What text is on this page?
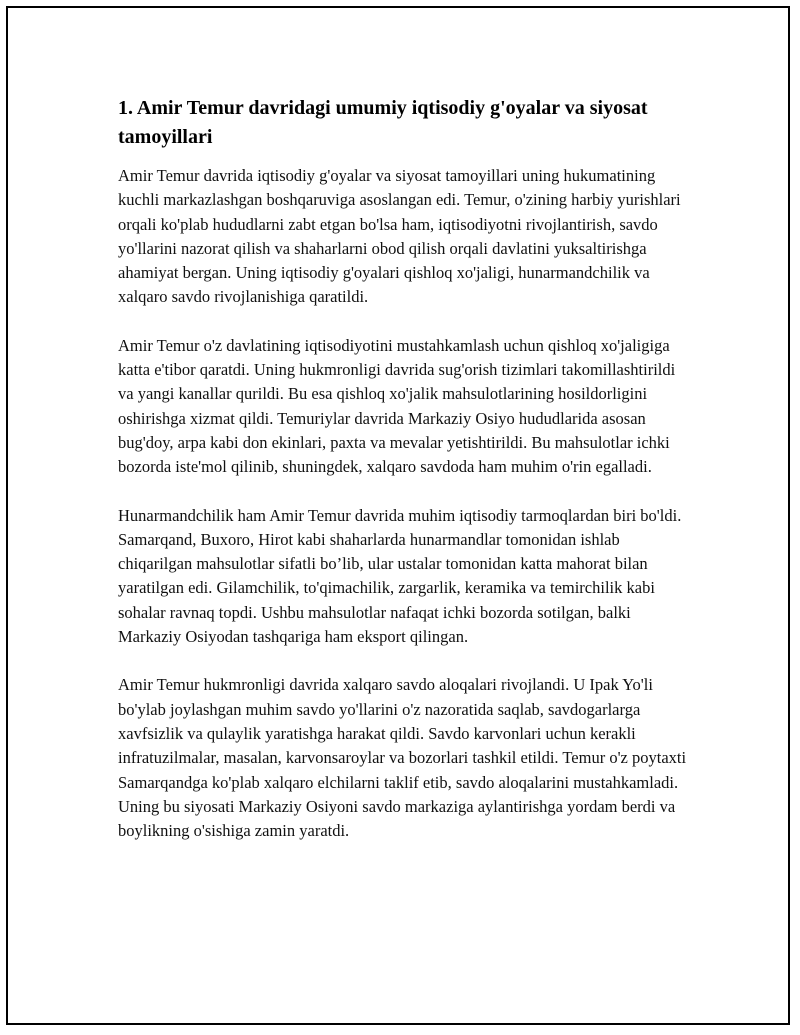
1. Amir Temur davridagi umumiy iqtisodiy g'oyalar va siyosat tamoyillari

Amir Temur davrida iqtisodiy g'oyalar va siyosat tamoyillari uning hukumatining kuchli markazlashgan boshqaruviga asoslangan edi. Temur, o'zining harbiy yurishlari orqali ko'plab hududlarni zabt etgan bo'lsa ham, iqtisodiyotni rivojlantirish, savdo yo'llarini nazorat qilish va shaharlarni obod qilish orqali davlatini yuksaltirishga ahamiyat bergan. Uning iqtisodiy g'oyalari qishloq xo'jaligi, hunarmandchilik va xalqaro savdo rivojlanishiga qaratildi.

Amir Temur o'z davlatining iqtisodiyotini mustahkamlash uchun qishloq xo'jaligiga katta e'tibor qaratdi. Uning hukmronligi davrida sug'orish tizimlari takomillashtirildi va yangi kanallar qurildi. Bu esa qishloq xo'jalik mahsulotlarining hosildorligini oshirishga xizmat qildi. Temuriylar davrida Markaziy Osiyo hududlarida asosan bug'doy, arpa kabi don ekinlari, paxta va mevalar yetishtirildi. Bu mahsulotlar ichki bozorda iste'mol qilinib, shuningdek, xalqaro savdoda ham muhim o'rin egalladi.

Hunarmandchilik ham Amir Temur davrida muhim iqtisodiy tarmoqlardan biri bo'ldi. Samarqand, Buxoro, Hirot kabi shaharlarda hunarmandlar tomonidan ishlab chiqarilgan mahsulotlar sifatli bo’lib, ular ustalar tomonidan katta mahorat bilan yaratilgan edi. Gilamchilik, to'qimachilik, zargarlik, keramika va temirchilik kabi sohalar ravnaq topdi. Ushbu mahsulotlar nafaqat ichki bozorda sotilgan, balki Markaziy Osiyodan tashqariga ham eksport qilingan.

Amir Temur hukmronligi davrida xalqaro savdo aloqalari rivojlandi. U Ipak Yo'li bo'ylab joylashgan muhim savdo yo'llarini o'z nazoratida saqlab, savdogarlarga xavfsizlik va qulaylik yaratishga harakat qildi. Savdo karvonlari uchun kerakli infratuzilmalar, masalan, karvonsaroylar va bozorlari tashkil etildi. Temur o'z poytaxti Samarqandga ko'plab xalqaro elchilarni taklif etib, savdo aloqalarini mustahkamladi. Uning bu siyosati Markaziy Osiyoni savdo markaziga aylantirishga yordam berdi va boylikning o'sishiga zamin yaratdi.
